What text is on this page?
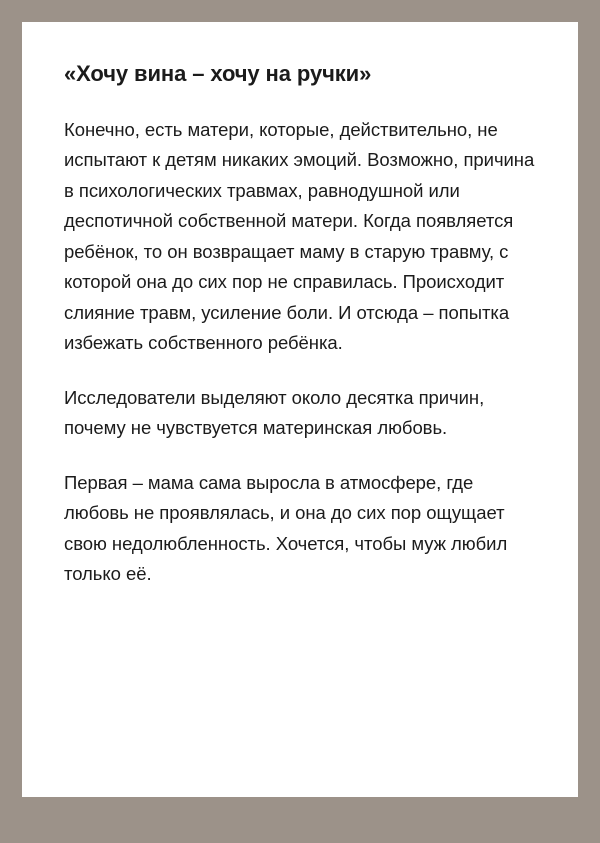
«Хочу вина – хочу на ручки»

Конечно, есть матери, которые, действительно, не испытают к детям никаких эмоций. Возможно, причина в психологических травмах, равнодушной или деспотичной собственной матери. Когда появляется ребёнок, то он возвращает маму в старую травму, с которой она до сих пор не справилась. Происходит слияние травм, усиление боли. И отсюда – попытка избежать собственного ребёнка.

Исследователи выделяют около десятка причин, почему не чувствуется материнская любовь.

Первая – мама сама выросла в атмосфере, где любовь не проявлялась, и она до сих пор ощущает свою недолюбленность. Хочется, чтобы муж любил только её.
